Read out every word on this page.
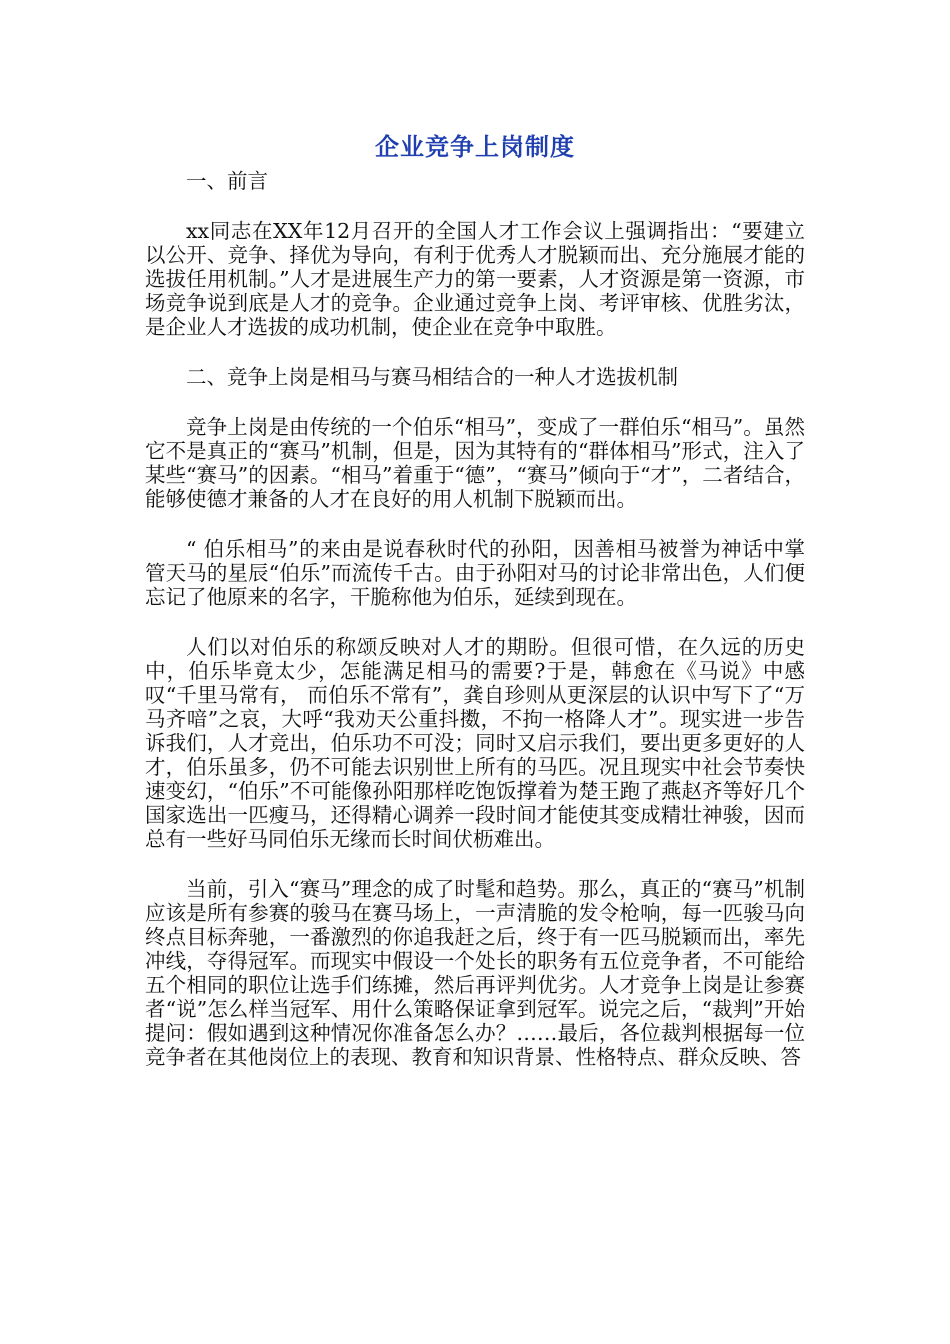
企业竞争上岗制度

一、前言

xx同志在XX年12月召开的全国人才工作会议上强调指出：“要建立以公开、竞争、择优为导向，有利于优秀人才脱颖而出、充分施展才能的选拔任用机制。”人才是进展生产力的第一要素，人才资源是第一资源，市场竞争说到底是人才的竞争。企业通过竞争上岗、考评审核、优胜劣汰，是企业人才选拔的成功机制，使企业在竞争中取胜。

二、竞争上岗是相马与赛马相结合的一种人才选拔机制

竞争上岗是由传统的一个伯乐“相马”，变成了一群伯乐“相马”。虽然它不是真正的“赛马”机制，但是，因为其特有的“群体相马”形式，注入了某些“赛马”的因素。“相马”着重于“德”，“赛马”倾向于“才”，二者结合，能够使德才兼备的人才在良好的用人机制下脱颖而出。

“ 伯乐相马”的来由是说春秋时代的孙阳，因善相马被誉为神话中掌管天马的星辰“伯乐”而流传千古。由于孙阳对马的讨论非常出色，人们便忘记了他原来的名字，干脆称他为伯乐，延续到现在。

人们以对伯乐的称颂反映对人才的期盼。但很可惜，在久远的历史中，伯乐毕竟太少，怎能满足相马的需要?于是，韩愈在《马说》中感叹“千里马常有， 而伯乐不常有”，龚自珍则从更深层的认识中写下了“万马齐喑”之哀，大呼“我劝天公重抖擞，不拘一格降人才”。现实进一步告诉我们，人才竞出，伯乐功不可没；同时又启示我们，要出更多更好的人才，伯乐虽多，仍不可能去识别世上所有的马匹。况且现实中社会节奏快速变幻，“伯乐”不可能像孙阳那样吃饱饭撑着为楚王跑了燕赵齐等好几个国家选出一匹瘦马，还得精心调养一段时间才能使其变成精壮神骏，因而总有一些好马同伯乐无缘而长时间伏枥难出。

当前，引入“赛马”理念的成了时髦和趋势。那么，真正的“赛马”机制应该是所有参赛的骏马在赛马场上，一声清脆的发令枪响，每一匹骏马向终点目标奔驰，一番激烈的你追我赶之后，终于有一匹马脱颖而出，率先冲线，夺得冠军。而现实中假设一个处长的职务有五位竞争者，不可能给五个相同的职位让选手们练摊，然后再评判优劣。人才竞争上岗是让参赛者“说”怎么样当冠军、用什么策略保证拿到冠军。说完之后，“裁判”开始提问：假如遇到这种情况你准备怎么办？……最后，各位裁判根据每一位竞争者在其他岗位上的表现、教育和知识背景、性格特点、群众反映、答
